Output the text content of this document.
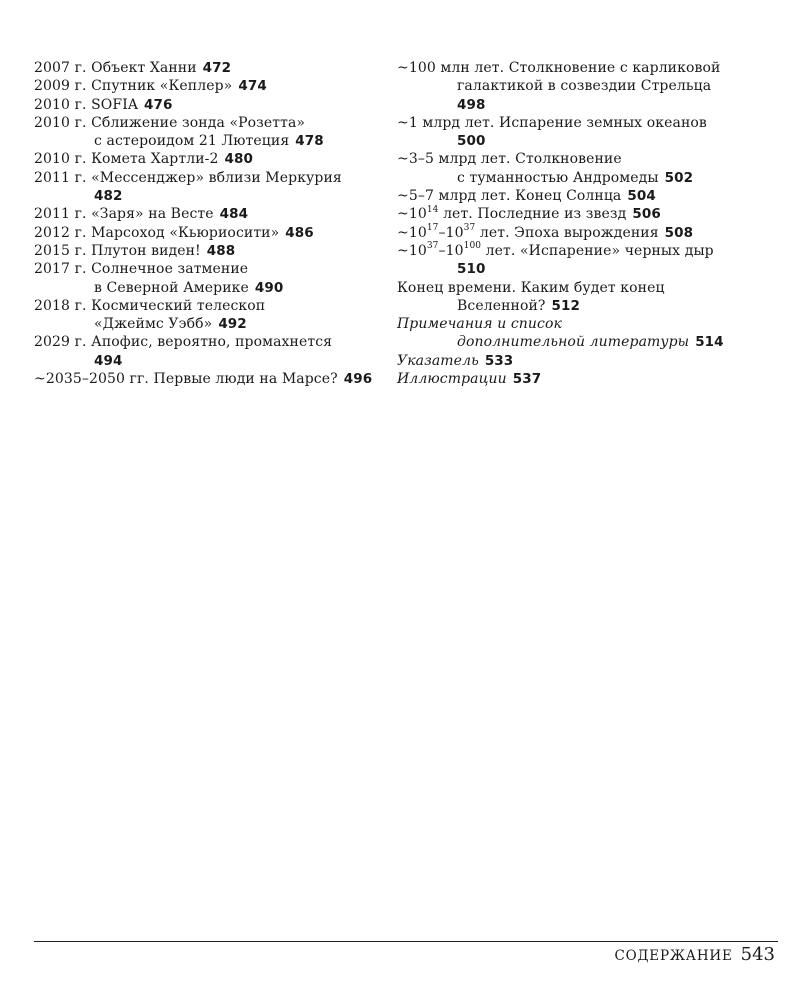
2007 г. Объект Ханни 472
2009 г. Спутник «Кеплер» 474
2010 г. SOFIA 476
2010 г. Сближение зонда «Розетта»
с астероидом 21 Лютеция 478
2010 г. Комета Хартли-2 480
2011 г. «Мессенджер» вблизи Меркурия
482
2011 г. «Заря» на Весте 484
2012 г. Марсоход «Кьюриосити» 486
2015 г. Плутон виден! 488
2017 г. Солнечное затмение
в Северной Америке 490
2018 г. Космический телескоп
«Джеймс Уэбб» 492
2029 г. Апофис, вероятно, промахнется
494
~2035–2050 гг. Первые люди на Марсе? 496
~100 млн лет. Столкновение с карликовой
галактикой в созвездии Стрельца
498
~1 млрд лет. Испарение земных океанов
500
~3–5 млрд лет. Столкновение
с туманностью Андромеды 502
~5–7 млрд лет. Конец Солнца 504
$\sim 10^{14}$ лет. Последние из звезд 506
$\sim 10^{17}-10^{37}$ лет. Эпоха вырождения 508
$\sim 10^{37}-10^{100}$ лет. «Испарение» черных дыр
510
Конец времени. Каким будет конец
Вселенной? 512
Примечания и список
дополнительной литературы 514
Указатель 533
Иллюстрации 537
СОДЕРЖАНИЕ 543
